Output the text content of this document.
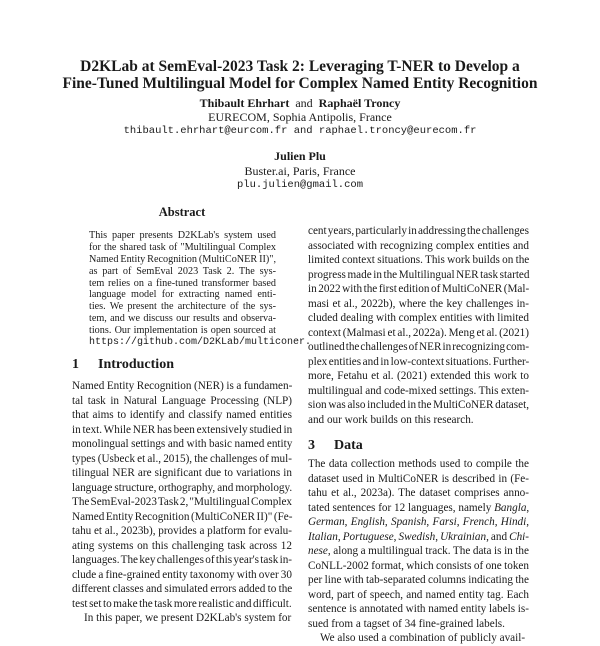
D2KLab at SemEval-2023 Task 2: Leveraging T-NER to Develop a
Fine-Tuned Multilingual Model for Complex Named Entity Recognition
Thibault Ehrhart and Raphaël Troncy
EURECOM, Sophia Antipolis, France
thibault.ehrhart@eurcom.fr and raphael.troncy@eurecom.fr
Julien Plu
Buster.ai, Paris, France
plu.julien@gmail.com
Abstract
This paper presents D2KLab's system used
for the shared task of "Multilingual Complex
Named Entity Recognition (MultiCoNER II)",
as part of SemEval 2023 Task 2. The sys-
tem relies on a fine-tuned transformer based
language model for extracting named enti-
ties. We present the architecture of the sys-
tem, and we discuss our results and observa-
tions. Our implementation is open sourced at
https://github.com/D2KLab/multiconer.
1 Introduction
Named Entity Recognition (NER) is a fundamen-
tal task in Natural Language Processing (NLP)
that aims to identify and classify named entities
in text. While NER has been extensively studied in
monolingual settings and with basic named entity
types (Usbeck et al., 2015), the challenges of mul-
tilingual NER are significant due to variations in
language structure, orthography, and morphology.
The SemEval-2023 Task 2, "Multilingual Complex
Named Entity Recognition (MultiCoNER II)" (Fe-
tahu et al., 2023b), provides a platform for evalu-
ating systems on this challenging task across 12
languages. The key challenges of this year's task in-
clude a fine-grained entity taxonomy with over 30
different classes and simulated errors added to the
test set to make the task more realistic and difficult.
In this paper, we present D2KLab's system for
cent years, particularly in addressing the challenges
associated with recognizing complex entities and
limited context situations. This work builds on the
progress made in the Multilingual NER task started
in 2022 with the first edition of MultiCoNER (Mal-
masi et al., 2022b), where the key challenges in-
cluded dealing with complex entities with limited
context (Malmasi et al., 2022a). Meng et al. (2021)
outlined the challenges of NER in recognizing com-
plex entities and in low-context situations. Further-
more, Fetahu et al. (2021) extended this work to
multilingual and code-mixed settings. This exten-
sion was also included in the MultiCoNER dataset,
and our work builds on this research.
3 Data
The data collection methods used to compile the
dataset used in MultiCoNER is described in (Fe-
tahu et al., 2023a). The dataset comprises anno-
tated sentences for 12 languages, namely Bangla,
German, English, Spanish, Farsi, French, Hindi,
Italian, Portuguese, Swedish, Ukrainian, and Chi-
nese, along a multilingual track. The data is in the
CoNLL-2002 format, which consists of one token
per line with tab-separated columns indicating the
word, part of speech, and named entity tag. Each
sentence is annotated with named entity labels is-
sued from a tagset of 34 fine-grained labels.
We also used a combination of publicly avail-
